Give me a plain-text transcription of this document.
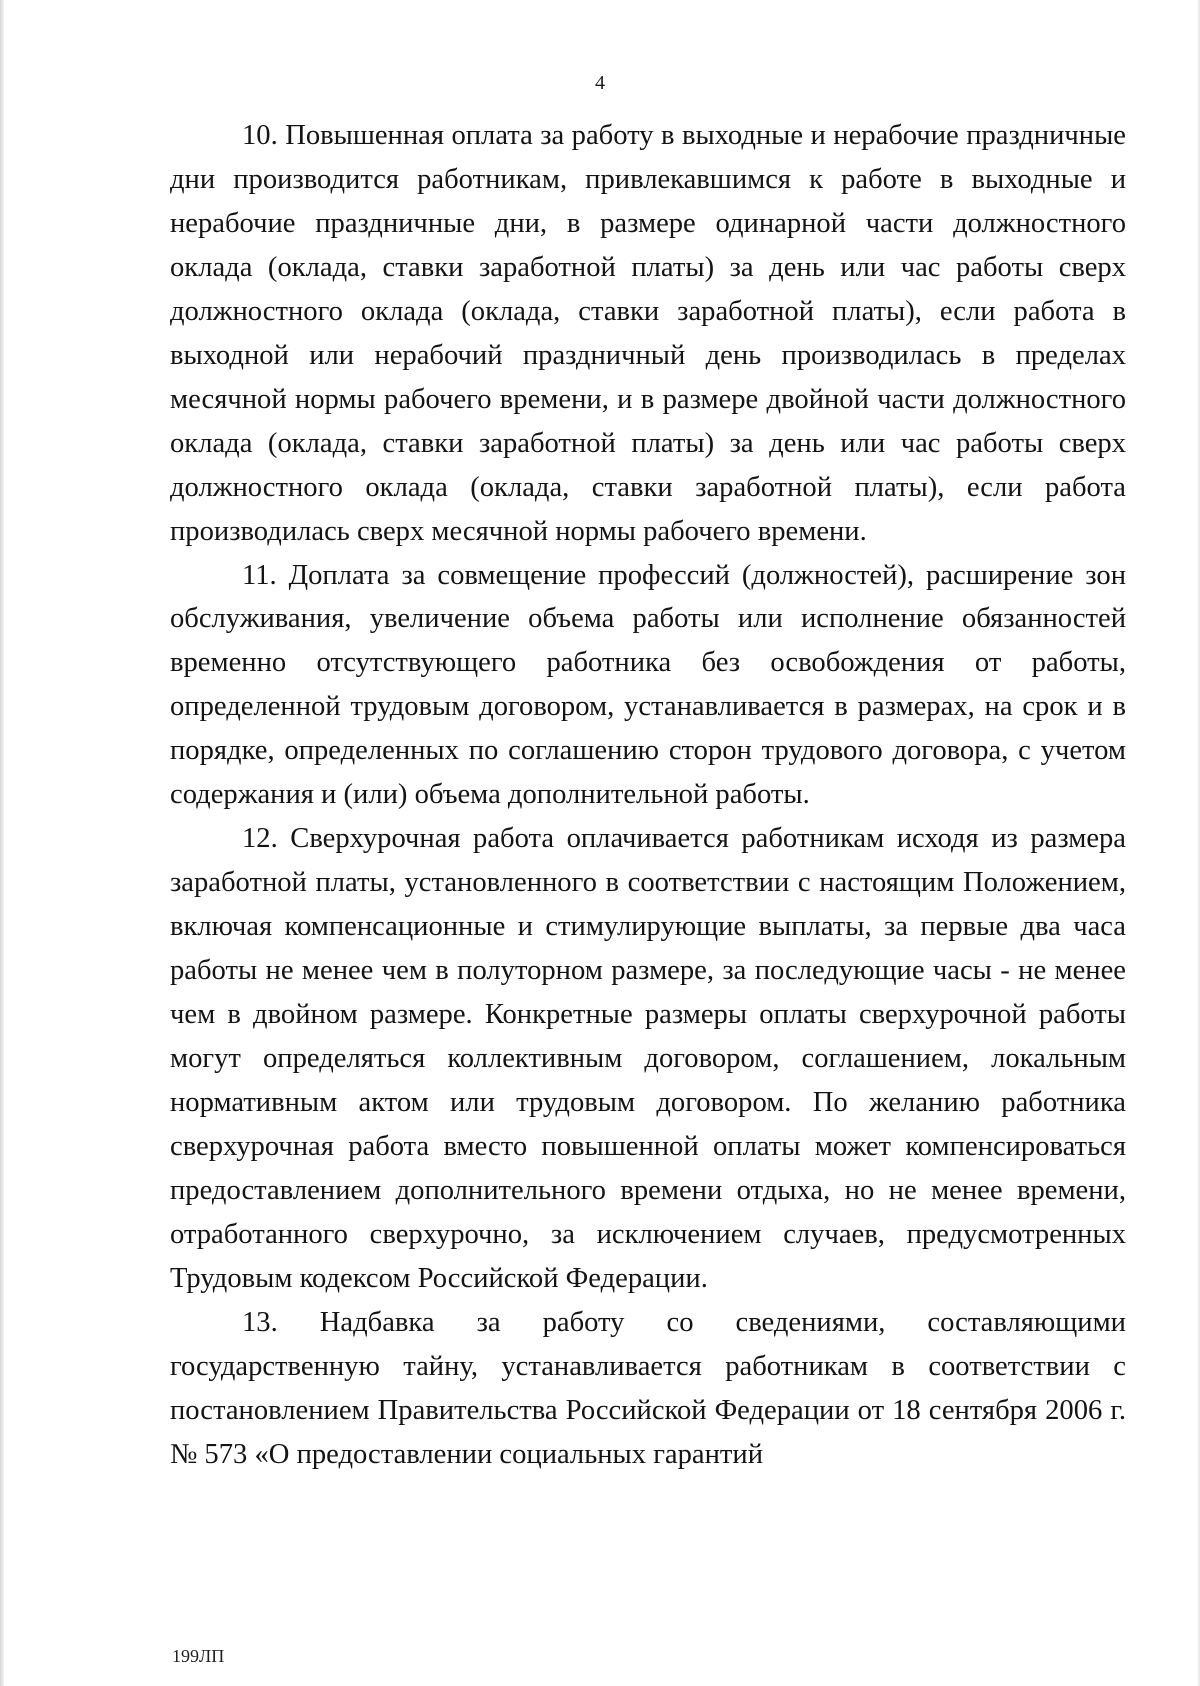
4

10. Повышенная оплата за работу в выходные и нерабочие праздничные дни производится работникам, привлекавшимся к работе в выходные и нерабочие праздничные дни, в размере одинарной части должностного оклада (оклада, ставки заработной платы) за день или час работы сверх должностного оклада (оклада, ставки заработной платы), если работа в выходной или нерабочий праздничный день производилась в пределах месячной нормы рабочего времени, и в размере двойной части должностного оклада (оклада, ставки заработной платы) за день или час работы сверх должностного оклада (оклада, ставки заработной платы), если работа производилась сверх месячной нормы рабочего времени.

11. Доплата за совмещение профессий (должностей), расширение зон обслуживания, увеличение объема работы или исполнение обязанностей временно отсутствующего работника без освобождения от работы, определенной трудовым договором, устанавливается в размерах, на срок и в порядке, определенных по соглашению сторон трудового договора, с учетом содержания и (или) объема дополнительной работы.

12. Сверхурочная работа оплачивается работникам исходя из размера заработной платы, установленного в соответствии с настоящим Положением, включая компенсационные и стимулирующие выплаты, за первые два часа работы не менее чем в полуторном размере, за последующие часы - не менее чем в двойном размере. Конкретные размеры оплаты сверхурочной работы могут определяться коллективным договором, соглашением, локальным нормативным актом или трудовым договором. По желанию работника сверхурочная работа вместо повышенной оплаты может компенсироваться предоставлением дополнительного времени отдыха, но не менее времени, отработанного сверхурочно, за исключением случаев, предусмотренных Трудовым кодексом Российской Федерации.

13. Надбавка за работу со сведениями, составляющими государственную тайну, устанавливается работникам в соответствии с постановлением Правительства Российской Федерации от 18 сентября 2006 г. № 573 «О предоставлении социальных гарантий

199ЛП
